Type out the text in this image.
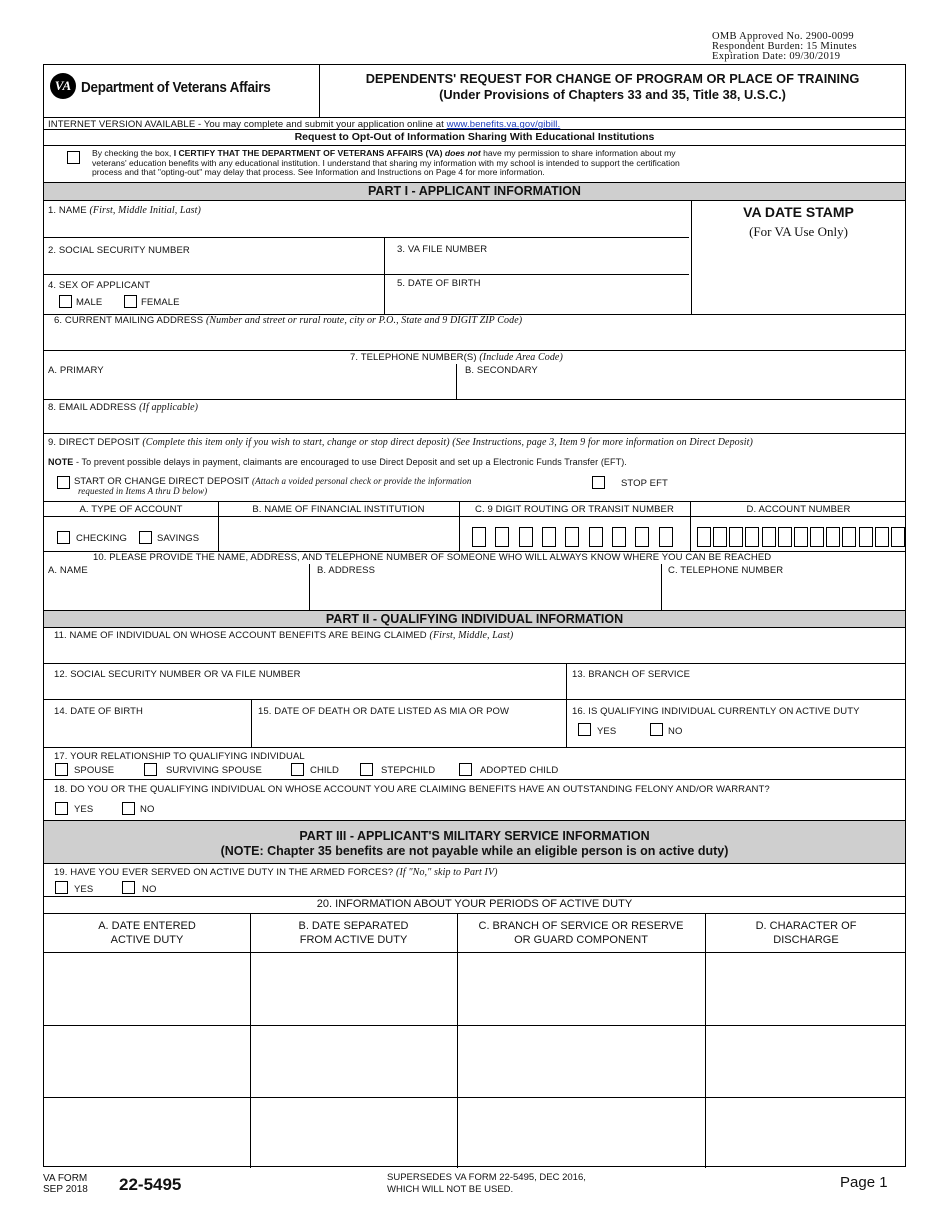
OMB Approved No. 2900-0099
Respondent Burden: 15 Minutes
Expiration Date: 09/30/2019
VA Department of Veterans Affairs
DEPENDENTS' REQUEST FOR CHANGE OF PROGRAM OR PLACE OF TRAINING
(Under Provisions of Chapters 33 and 35, Title 38, U.S.C.)
INTERNET VERSION AVAILABLE - You may complete and submit your application online at www.benefits.va.gov/gibill.
Request to Opt-Out of Information Sharing With Educational Institutions
By checking the box, I CERTIFY THAT THE DEPARTMENT OF VETERANS AFFAIRS (VA) does not have my permission to share information about my
veterans' education benefits with any educational institution. I understand that sharing my information with my school is intended to support the certification
process and that "opting-out" may delay that process. See Information and Instructions on Page 4 for more information.
PART I - APPLICANT INFORMATION
1. NAME (First, Middle Initial, Last)	VA DATE STAMP
(For VA Use Only)
2. SOCIAL SECURITY NUMBER	3. VA FILE NUMBER
4. SEX OF APPLICANT
MALE	FEMALE
5. DATE OF BIRTH
6. CURRENT MAILING ADDRESS (Number and street or rural route, city or P.O., State and 9 DIGIT ZIP Code)
7. TELEPHONE NUMBER(S) (Include Area Code)
A. PRIMARY	B. SECONDARY
8. EMAIL ADDRESS (If applicable)
9. DIRECT DEPOSIT (Complete this item only if you wish to start, change or stop direct deposit) (See Instructions, page 3, Item 9 for more information on Direct Deposit)
NOTE - To prevent possible delays in payment, claimants are encouraged to use Direct Deposit and set up a Electronic Funds Transfer (EFT).
START OR CHANGE DIRECT DEPOSIT (Attach a voided personal check or provide the information
requested in Items A thru D below)
STOP EFT
A. TYPE OF ACCOUNT	B. NAME OF FINANCIAL INSTITUTION	C. 9 DIGIT ROUTING OR TRANSIT NUMBER	D. ACCOUNT NUMBER
CHECKING	SAVINGS
10. PLEASE PROVIDE THE NAME, ADDRESS, AND TELEPHONE NUMBER OF SOMEONE WHO WILL ALWAYS KNOW WHERE YOU CAN BE REACHED
A. NAME	B. ADDRESS	C. TELEPHONE NUMBER
PART II - QUALIFYING INDIVIDUAL INFORMATION
11. NAME OF INDIVIDUAL ON WHOSE ACCOUNT BENEFITS ARE BEING CLAIMED (First, Middle, Last)
12. SOCIAL SECURITY NUMBER OR VA FILE NUMBER	13. BRANCH OF SERVICE
14. DATE OF BIRTH	15. DATE OF DEATH OR DATE LISTED AS MIA OR POW	16. IS QUALIFYING INDIVIDUAL CURRENTLY ON ACTIVE DUTY
YES	NO
17. YOUR RELATIONSHIP TO QUALIFYING INDIVIDUAL
SPOUSE	SURVIVING SPOUSE	CHILD	STEPCHILD	ADOPTED CHILD
18. DO YOU OR THE QUALIFYING INDIVIDUAL ON WHOSE ACCOUNT YOU ARE CLAIMING BENEFITS HAVE AN OUTSTANDING FELONY AND/OR WARRANT?
YES	NO
PART III - APPLICANT'S MILITARY SERVICE INFORMATION
(NOTE: Chapter 35 benefits are not payable while an eligible person is on active duty)
19. HAVE YOU EVER SERVED ON ACTIVE DUTY IN THE ARMED FORCES? (If "No," skip to Part IV)
YES	NO
20. INFORMATION ABOUT YOUR PERIODS OF ACTIVE DUTY
A. DATE ENTERED
ACTIVE DUTY
B. DATE SEPARATED
FROM ACTIVE DUTY
C. BRANCH OF SERVICE OR RESERVE
OR GUARD COMPONENT
D. CHARACTER OF
DISCHARGE
VA FORM
SEP 2018 22-5495	SUPERSEDES VA FORM 22-5495, DEC 2016,
WHICH WILL NOT BE USED.	Page 1
